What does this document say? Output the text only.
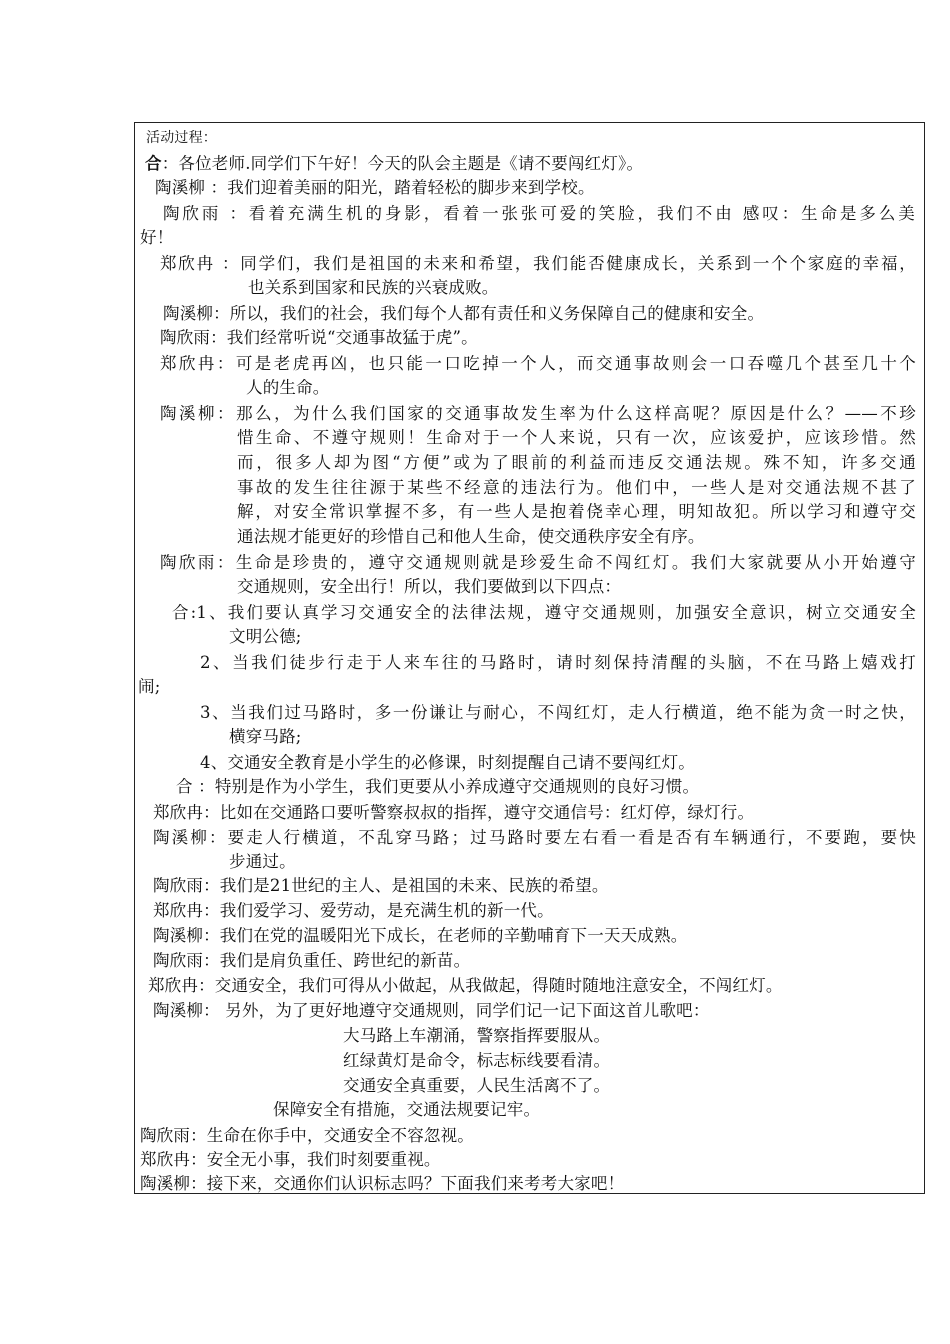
活动过程：
合：各位老师.同学们下午好！今天的队会主题是《请不要闯红灯》。
陶溪柳 ：我们迎着美丽的阳光，踏着轻松的脚步来到学校。
陶欣雨 ：看着充满生机的身影，看着一张张可爱的笑脸，我们不由 感叹：生命是多么美
好！
郑欣冉 ：同学们，我们是祖国的未来和希望，我们能否健康成长，关系到一个个家庭的幸福，
也关系到国家和民族的兴衰成败。
陶溪柳：所以，我们的社会，我们每个人都有责任和义务保障自己的健康和安全。
陶欣雨：我们经常听说“交通事故猛于虎”。
郑欣冉：可是老虎再凶，也只能一口吃掉一个人，而交通事故则会一口吞噬几个甚至几十个
人的生命。
陶溪柳：那么，为什么我们国家的交通事故发生率为什么这样高呢？原因是什么？——不珍
惜生命、不遵守规则！生命对于一个人来说，只有一次，应该爱护，应该珍惜。然
而，很多人却为图“方便”或为了眼前的利益而违反交通法规。殊不知，许多交通
事故的发生往往源于某些不经意的违法行为。他们中，一些人是对交通法规不甚了
解，对安全常识掌握不多，有一些人是抱着侥幸心理，明知故犯。所以学习和遵守交
通法规才能更好的珍惜自己和他人生命，使交通秩序安全有序。
陶欣雨：生命是珍贵的，遵守交通规则就是珍爱生命不闯红灯。我们大家就要从小开始遵守
交通规则，安全出行！所以，我们要做到以下四点：
合:1、我们要认真学习交通安全的法律法规，遵守交通规则，加强安全意识，树立交通安全
文明公德;
2、当我们徒步行走于人来车往的马路时，请时刻保持清醒的头脑，不在马路上嬉戏打
闹;
3、当我们过马路时，多一份谦让与耐心，不闯红灯，走人行横道，绝不能为贪一时之快，
横穿马路;
4、交通安全教育是小学生的必修课，时刻提醒自己请不要闯红灯。
合 ：特别是作为小学生，我们更要从小养成遵守交通规则的良好习惯。
郑欣冉：比如在交通路口要听警察叔叔的指挥，遵守交通信号：红灯停，绿灯行。
陶溪柳：要走人行横道，不乱穿马路；过马路时要左右看一看是否有车辆通行，不要跑，要快
步通过。
陶欣雨：我们是21世纪的主人、是祖国的未来、民族的希望。
郑欣冉：我们爱学习、爱劳动，是充满生机的新一代。
陶溪柳：我们在党的温暖阳光下成长，在老师的辛勤哺育下一天天成熟。
陶欣雨：我们是肩负重任、跨世纪的新苗。
郑欣冉：交通安全，我们可得从小做起，从我做起，得随时随地注意安全，不闯红灯。
陶溪柳： 另外，为了更好地遵守交通规则，同学们记一记下面这首儿歌吧：
大马路上车潮涌，警察指挥要服从。
红绿黄灯是命令，标志标线要看清。
交通安全真重要，人民生活离不了。
保障安全有措施，交通法规要记牢。
陶欣雨：生命在你手中，交通安全不容忽视。
郑欣冉：安全无小事，我们时刻要重视。
陶溪柳：接下来，交通你们认识标志吗？下面我们来考考大家吧！
